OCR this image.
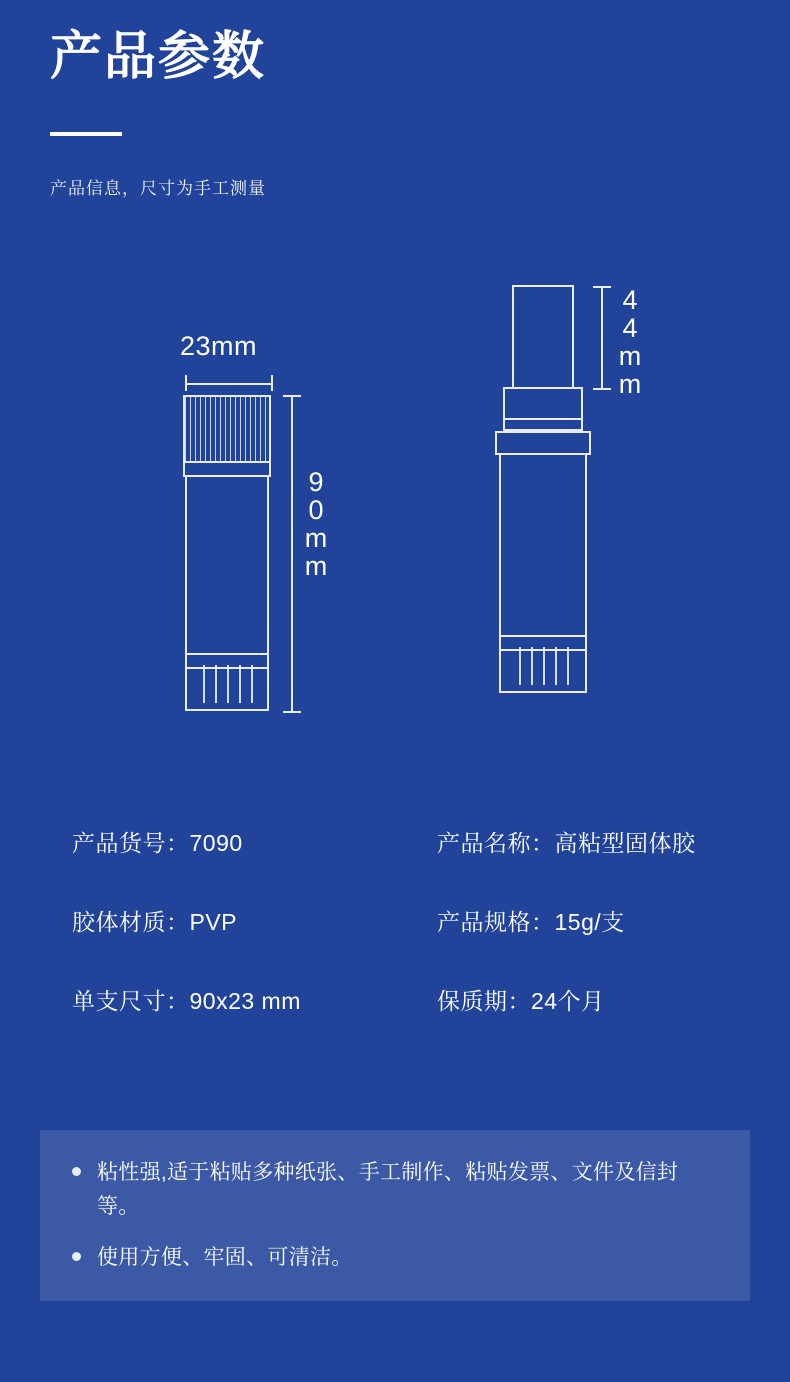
产品参数
产品信息，尺寸为手工测量
23mm
90mm
44mm
产品货号：7090	产品名称：高粘型固体胶
胶体材质：PVP	产品规格：15g/支
单支尺寸：90x23 mm	保质期：24个月
粘性强,适于粘贴多种纸张、手工制作、粘贴发票、文件及信封等。
使用方便、牢固、可清洁。
